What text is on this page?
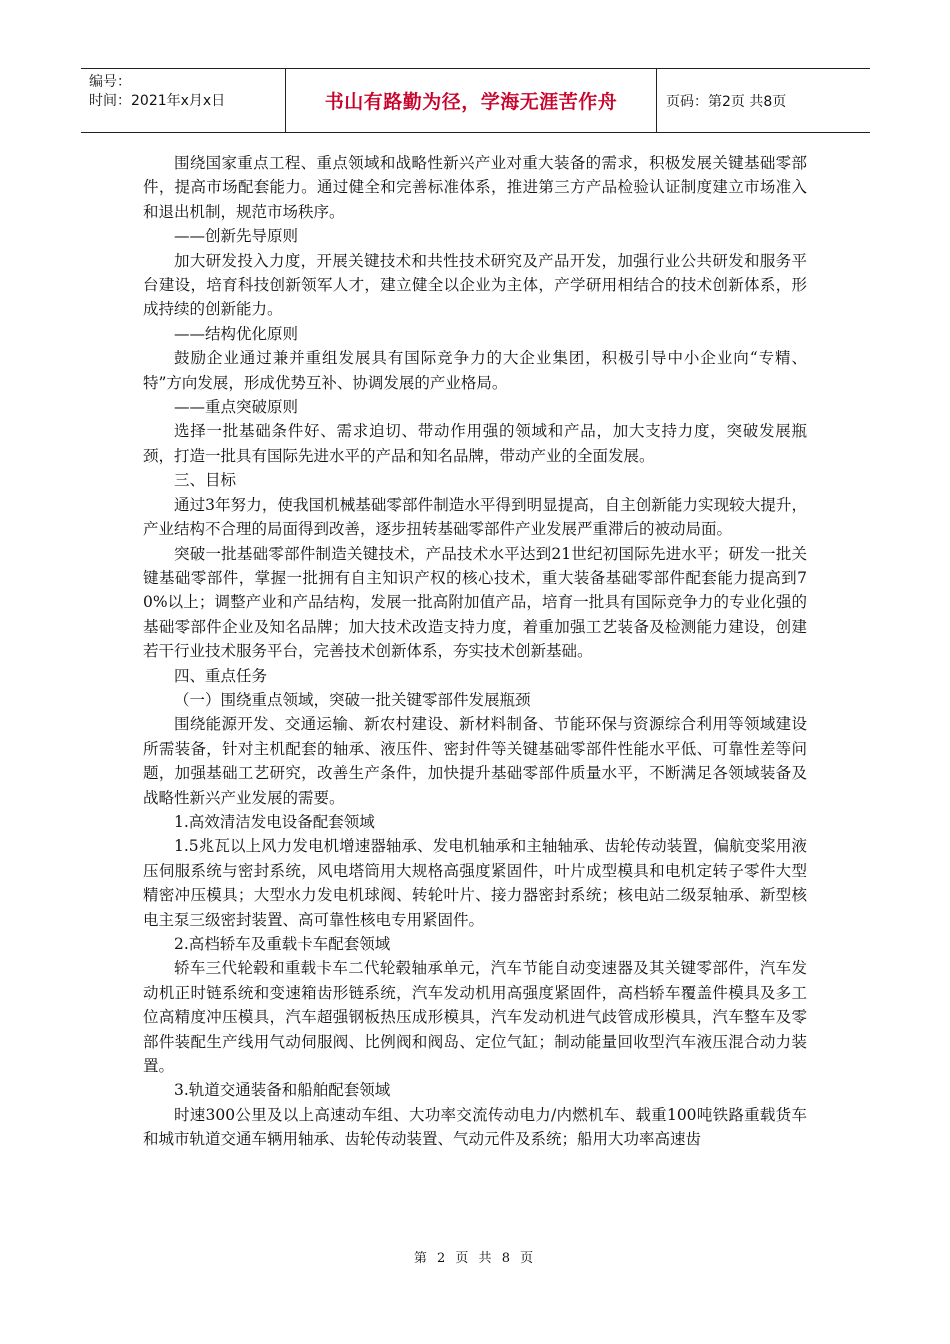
编号：
时间：2021年x月x日	书山有路勤为径，学海无涯苦作舟	页码：第2页 共8页

围绕国家重点工程、重点领域和战略性新兴产业对重大装备的需求，积极发展关键基础零部件，提高市场配套能力。通过健全和完善标准体系，推进第三方产品检验认证制度建立市场准入和退出机制，规范市场秩序。

——创新先导原则

加大研发投入力度，开展关键技术和共性技术研究及产品开发，加强行业公共研发和服务平台建设，培育科技创新领军人才，建立健全以企业为主体，产学研用相结合的技术创新体系，形成持续的创新能力。

——结构优化原则

鼓励企业通过兼并重组发展具有国际竞争力的大企业集团，积极引导中小企业向“专精、特”方向发展，形成优势互补、协调发展的产业格局。

——重点突破原则

选择一批基础条件好、需求迫切、带动作用强的领域和产品，加大支持力度，突破发展瓶颈，打造一批具有国际先进水平的产品和知名品牌，带动产业的全面发展。

三、目标

通过3年努力，使我国机械基础零部件制造水平得到明显提高，自主创新能力实现较大提升，产业结构不合理的局面得到改善，逐步扭转基础零部件产业发展严重滞后的被动局面。

突破一批基础零部件制造关键技术，产品技术水平达到21世纪初国际先进水平；研发一批关键基础零部件，掌握一批拥有自主知识产权的核心技术，重大装备基础零部件配套能力提高到70%以上；调整产业和产品结构，发展一批高附加值产品，培育一批具有国际竞争力的专业化强的基础零部件企业及知名品牌；加大技术改造支持力度，着重加强工艺装备及检测能力建设，创建若干行业技术服务平台，完善技术创新体系，夯实技术创新基础。

四、重点任务

（一）围绕重点领域，突破一批关键零部件发展瓶颈

围绕能源开发、交通运输、新农村建设、新材料制备、节能环保与资源综合利用等领域建设所需装备，针对主机配套的轴承、液压件、密封件等关键基础零部件性能水平低、可靠性差等问题，加强基础工艺研究，改善生产条件，加快提升基础零部件质量水平，不断满足各领域装备及战略性新兴产业发展的需要。

1.高效清洁发电设备配套领域

1.5兆瓦以上风力发电机增速器轴承、发电机轴承和主轴轴承、齿轮传动装置，偏航变桨用液压伺服系统与密封系统，风电塔筒用大规格高强度紧固件，叶片成型模具和电机定转子零件大型精密冲压模具；大型水力发电机球阀、转轮叶片、接力器密封系统；核电站二级泵轴承、新型核电主泵三级密封装置、高可靠性核电专用紧固件。

2.高档轿车及重载卡车配套领域

轿车三代轮毂和重载卡车二代轮毂轴承单元，汽车节能自动变速器及其关键零部件，汽车发动机正时链系统和变速箱齿形链系统，汽车发动机用高强度紧固件，高档轿车覆盖件模具及多工位高精度冲压模具，汽车超强钢板热压成形模具，汽车发动机进气歧管成形模具，汽车整车及零部件装配生产线用气动伺服阀、比例阀和阀岛、定位气缸；制动能量回收型汽车液压混合动力装置。

3.轨道交通装备和船舶配套领域

时速300公里及以上高速动车组、大功率交流传动电力/内燃机车、载重100吨铁路重载货车和城市轨道交通车辆用轴承、齿轮传动装置、气动元件及系统；船用大功率高速齿

第 2 页 共 8 页
